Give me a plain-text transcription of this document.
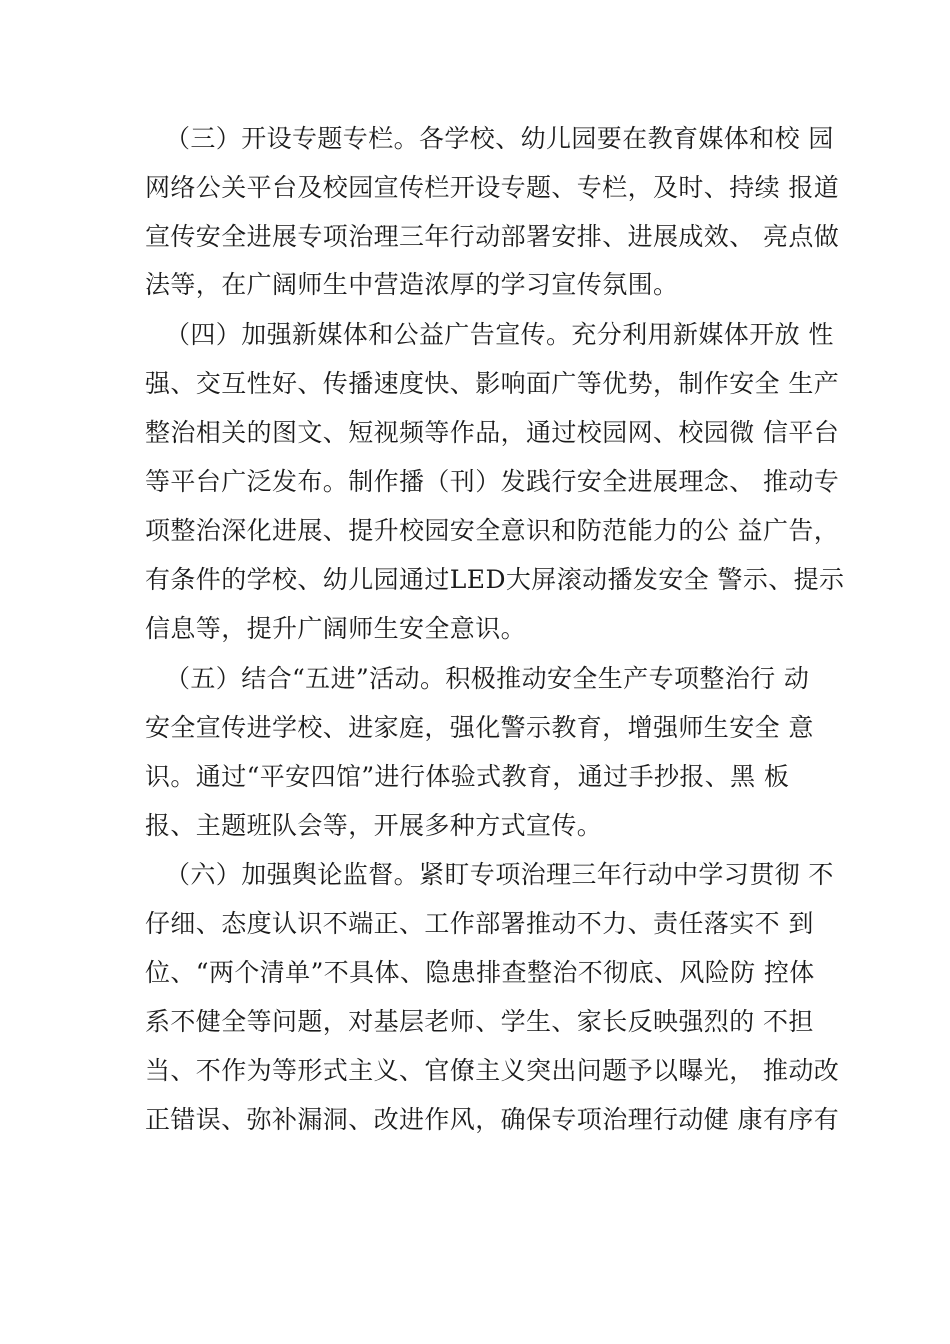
（三）开设专题专栏。各学校、幼儿园要在教育媒体和校 园
网络公关平台及校园宣传栏开设专题、专栏，及时、持续 报道
宣传安全进展专项治理三年行动部署安排、进展成效、 亮点做
法等，在广阔师生中营造浓厚的学习宣传氛围。
（四）加强新媒体和公益广告宣传。充分利用新媒体开放 性
强、交互性好、传播速度快、影响面广等优势，制作安全 生产
整治相关的图文、短视频等作品，通过校园网、校园微 信平台
等平台广泛发布。制作播（刊）发践行安全进展理念、 推动专
项整治深化进展、提升校园安全意识和防范能力的公 益广告，
有条件的学校、幼儿园通过LED大屏滚动播发安全 警示、提示
信息等，提升广阔师生安全意识。
（五）结合“五进”活动。积极推动安全生产专项整治行 动
安全宣传进学校、进家庭，强化警示教育，增强师生安全 意
识。通过“平安四馆”进行体验式教育，通过手抄报、黑 板
报、主题班队会等，开展多种方式宣传。
（六）加强舆论监督。紧盯专项治理三年行动中学习贯彻 不
仔细、态度认识不端正、工作部署推动不力、责任落实不 到
位、“两个清单”不具体、隐患排查整治不彻底、风险防 控体
系不健全等问题，对基层老师、学生、家长反映强烈的 不担
当、不作为等形式主义、官僚主义突出问题予以曝光， 推动改
正错误、弥补漏洞、改进作风，确保专项治理行动健 康有序有
